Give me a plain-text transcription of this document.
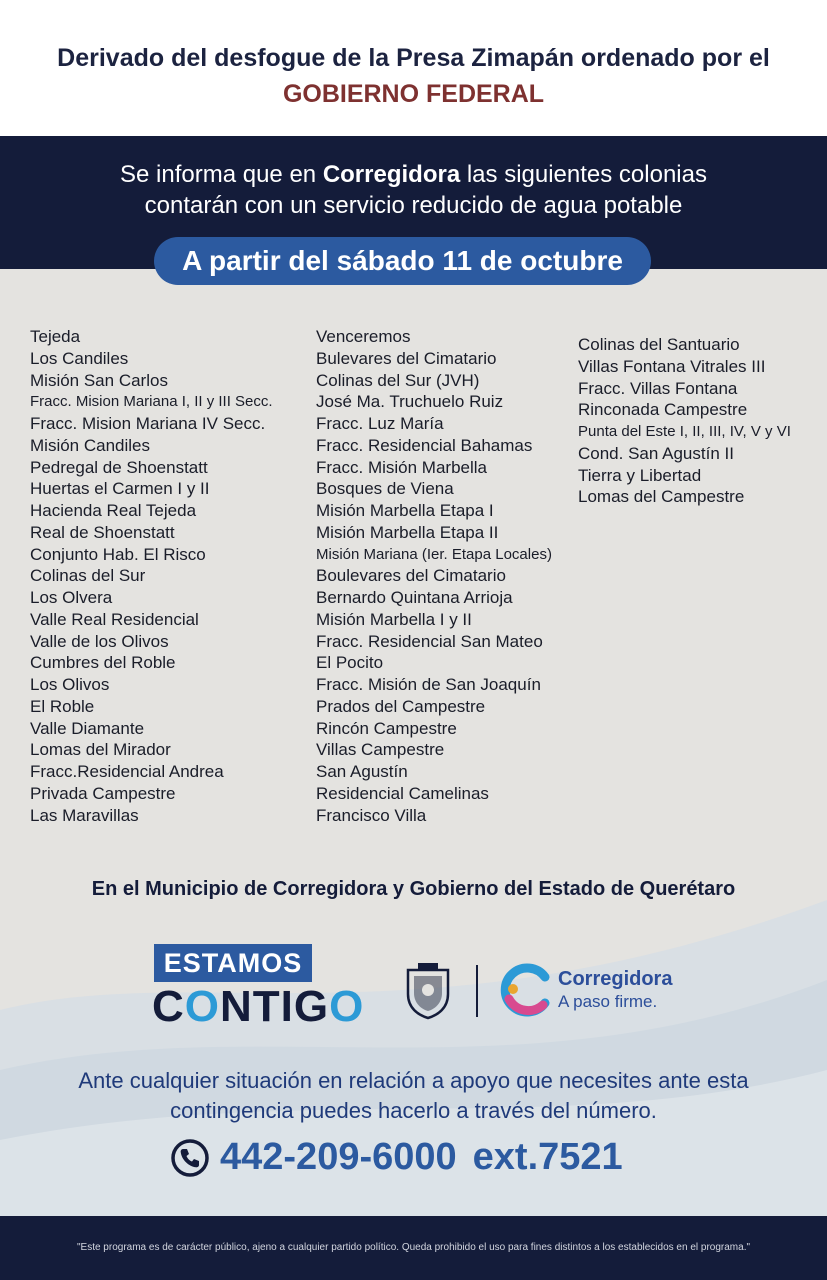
Derivado del desfogue de la Presa Zimapán ordenado por el
GOBIERNO FEDERAL
Se informa que en Corregidora las siguientes colonias
contarán con un servicio reducido de agua potable
A partir del sábado 11 de octubre
Tejeda
Los Candiles
Misión San Carlos
Fracc. Mision Mariana I, II y III Secc.
Fracc. Mision Mariana IV Secc.
Misión Candiles
Pedregal de Shoenstatt
Huertas el Carmen I y II
Hacienda Real Tejeda
Real de Shoenstatt
Conjunto Hab. El Risco
Colinas del Sur
Los Olvera
Valle Real Residencial
Valle de los Olivos
Cumbres del Roble
Los Olivos
El Roble
Valle Diamante
Lomas del Mirador
Fracc.Residencial Andrea
Privada Campestre
Las Maravillas
Venceremos
Bulevares del Cimatario
Colinas del Sur (JVH)
José Ma. Truchuelo Ruiz
Fracc. Luz María
Fracc. Residencial Bahamas
Fracc. Misión Marbella
Bosques de Viena
Misión Marbella Etapa I
Misión Marbella Etapa II
Misión Mariana (Ier. Etapa Locales)
Boulevares del Cimatario
Bernardo Quintana Arrioja
Misión Marbella I y II
Fracc. Residencial San Mateo
El Pocito
Fracc. Misión de San Joaquín
Prados del Campestre
Rincón Campestre
Villas Campestre
San Agustín
Residencial Camelinas
Francisco Villa
Colinas del Santuario
Villas Fontana Vitrales III
Fracc. Villas Fontana
Rinconada Campestre
Punta del Este I, II, III, IV, V y VI
Cond. San Agustín II
Tierra y Libertad
Lomas del Campestre
En el Municipio de Corregidora y Gobierno del Estado de Querétaro
ESTAMOS
CONTIGO
Corregidora
A paso firme.
Ante cualquier situación en relación a apoyo que necesites ante esta
contingencia puedes hacerlo a través del número.
442-209-6000 ext.7521
"Este programa es de carácter público, ajeno a cualquier partido político. Queda prohibido el uso para fines distintos a los establecidos en el programa."
